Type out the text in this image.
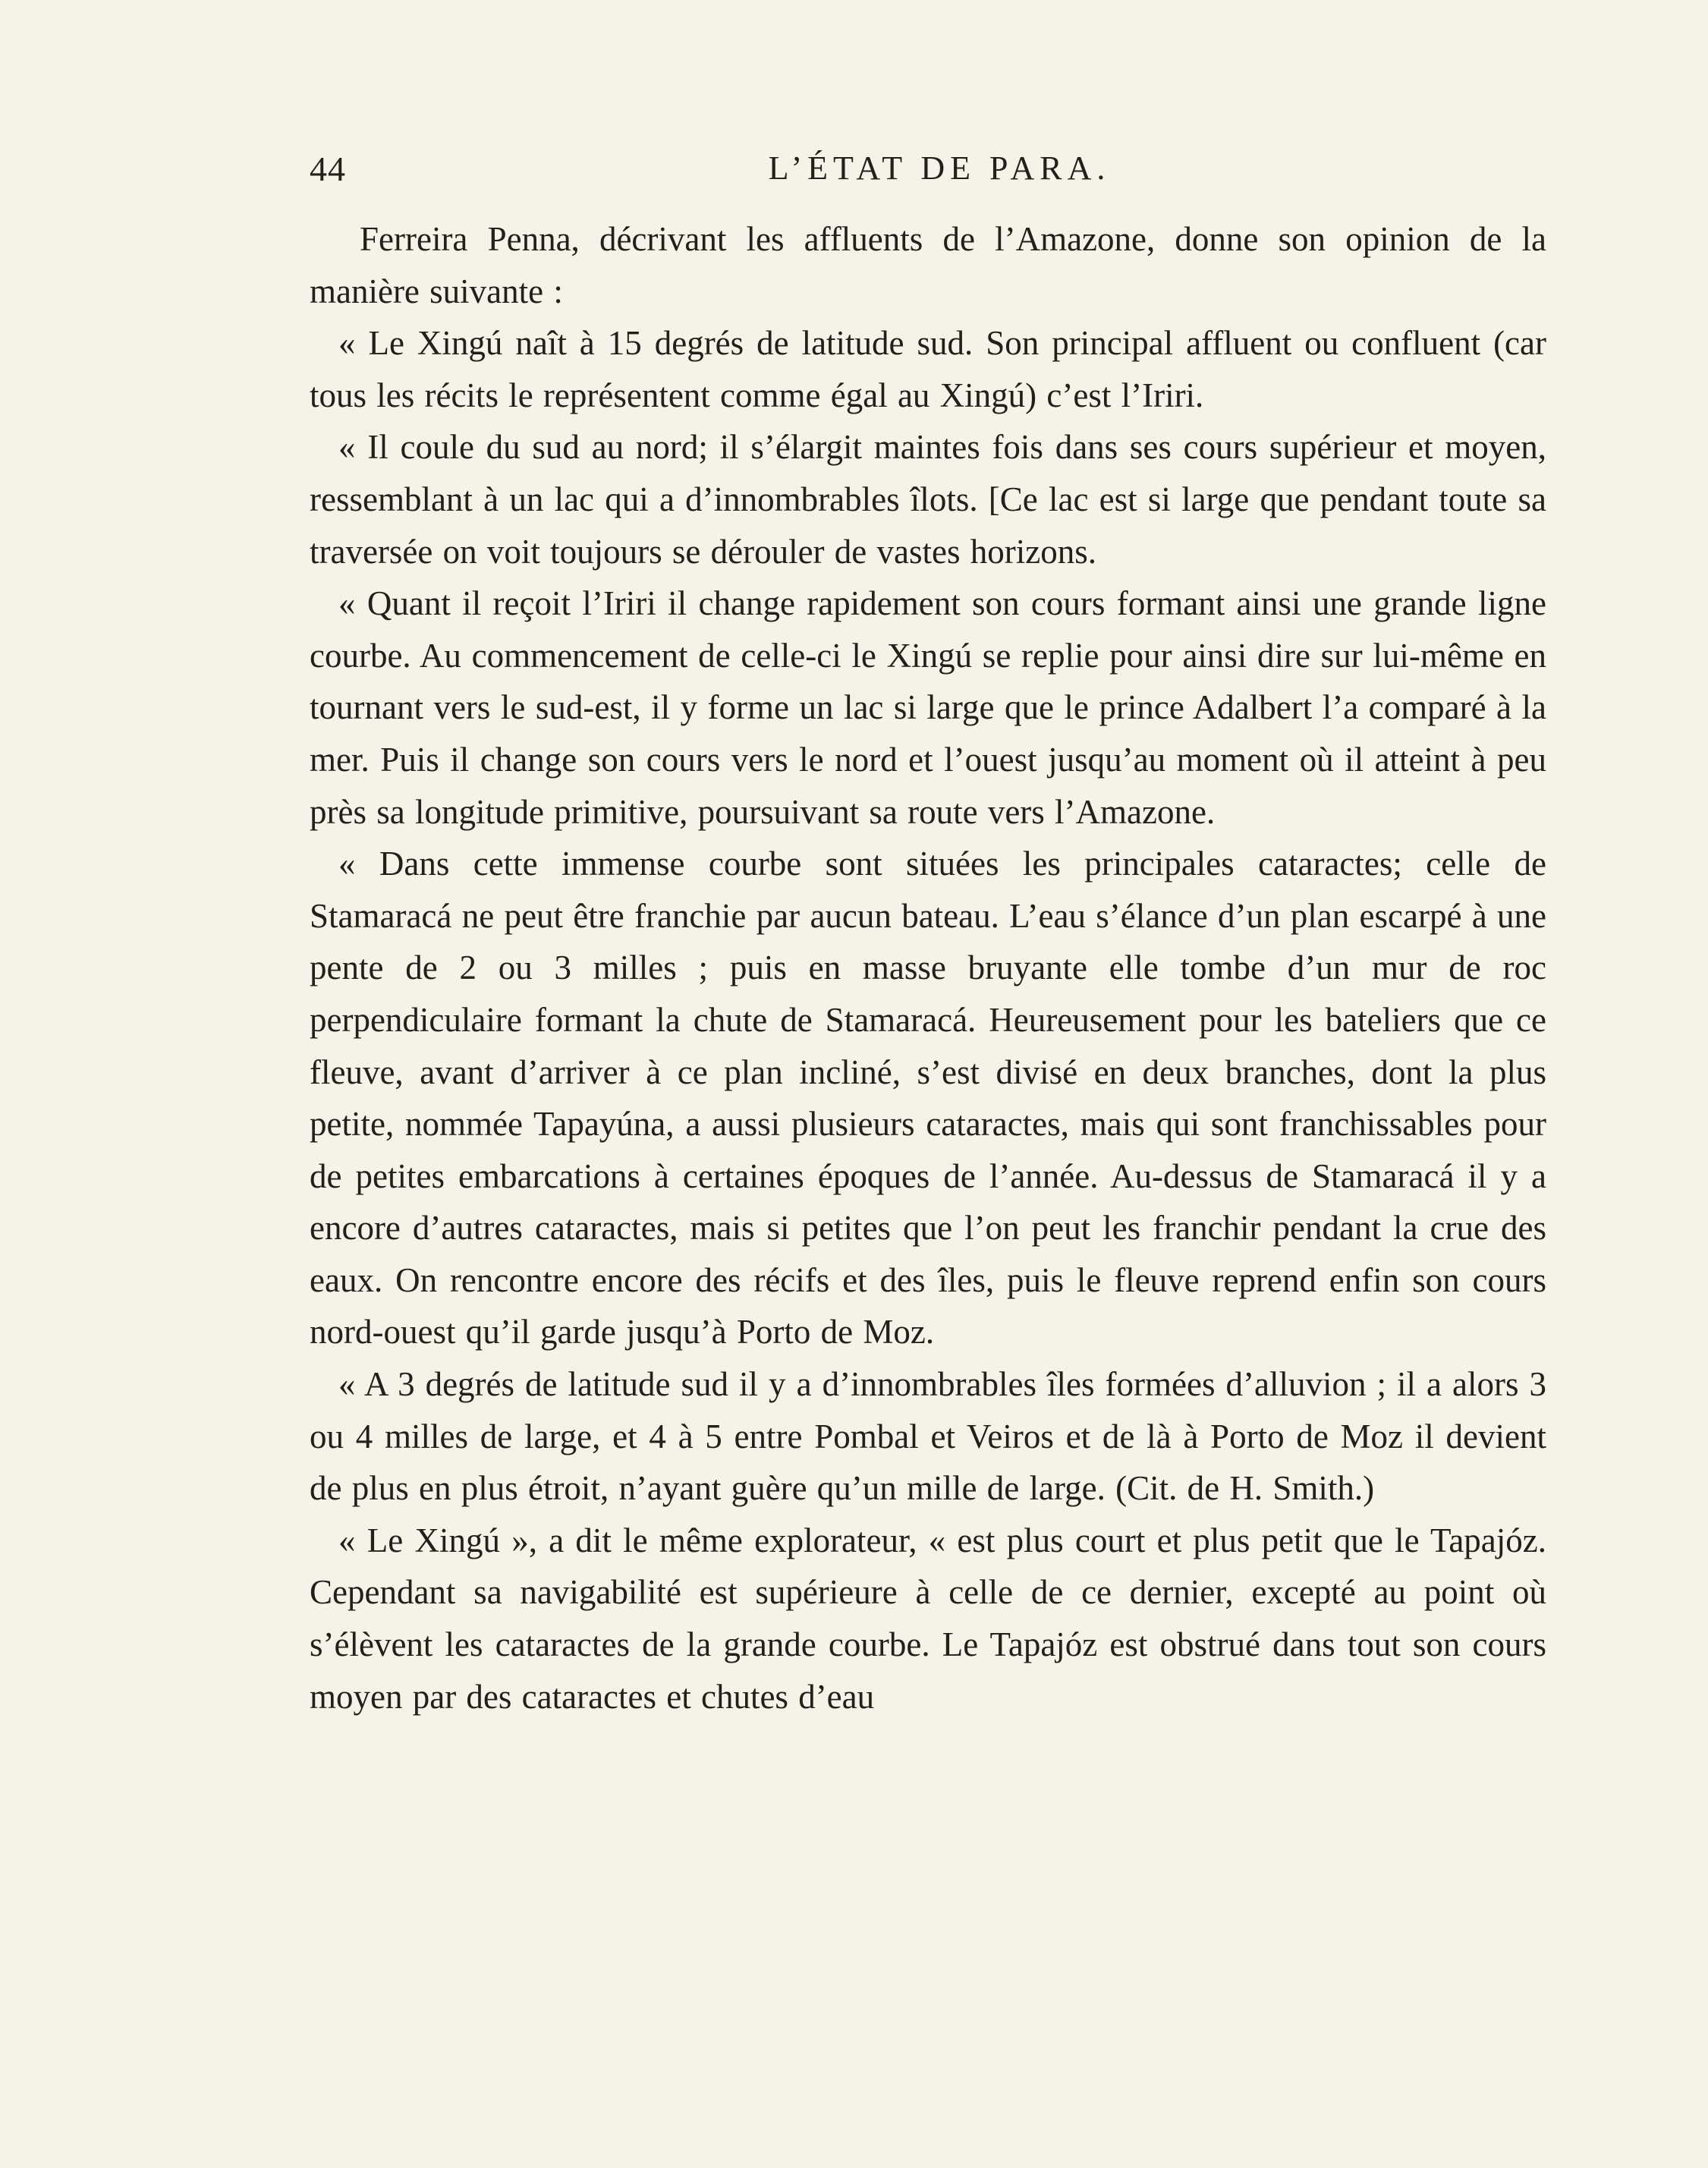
44	L’ÉTAT DE PARA.

Ferreira Penna, décrivant les affluents de l’Amazone, donne son opinion de la manière suivante :

« Le Xingú naît à 15 degrés de latitude sud. Son principal affluent ou confluent (car tous les récits le représentent comme égal au Xingú) c’est l’Iriri.

« Il coule du sud au nord; il s’élargit maintes fois dans ses cours supérieur et moyen, ressemblant à un lac qui a d’innombrables îlots. [Ce lac est si large que pendant toute sa traversée on voit toujours se dérouler de vastes horizons.

« Quant il reçoit l’Iriri il change rapidement son cours formant ainsi une grande ligne courbe. Au commencement de celle-ci le Xingú se replie pour ainsi dire sur lui-même en tournant vers le sud-est, il y forme un lac si large que le prince Adalbert l’a comparé à la mer. Puis il change son cours vers le nord et l’ouest jusqu’au moment où il atteint à peu près sa longitude primitive, poursuivant sa route vers l’Amazone.

« Dans cette immense courbe sont situées les principales cataractes; celle de Stamaracá ne peut être franchie par aucun bateau. L’eau s’élance d’un plan escarpé à une pente de 2 ou 3 milles ; puis en masse bruyante elle tombe d’un mur de roc perpendiculaire formant la chute de Stamaracá. Heureusement pour les bateliers que ce fleuve, avant d’arriver à ce plan incliné, s’est divisé en deux branches, dont la plus petite, nommée Tapayúna, a aussi plusieurs cataractes, mais qui sont franchissables pour de petites embarcations à certaines époques de l’année. Au-dessus de Stamaracá il y a encore d’autres cataractes, mais si petites que l’on peut les franchir pendant la crue des eaux. On rencontre encore des récifs et des îles, puis le fleuve reprend enfin son cours nord-ouest qu’il garde jusqu’à Porto de Moz.

« A 3 degrés de latitude sud il y a d’innombrables îles formées d’alluvion ; il a alors 3 ou 4 milles de large, et 4 à 5 entre Pombal et Veiros et de là à Porto de Moz il devient de plus en plus étroit, n’ayant guère qu’un mille de large. (Cit. de H. Smith.)

« Le Xingú », a dit le même explorateur, « est plus court et plus petit que le Tapajóz. Cependant sa navigabilité est supérieure à celle de ce dernier, excepté au point où s’élèvent les cataractes de la grande courbe. Le Tapajóz est obstrué dans tout son cours moyen par des cataractes et chutes d’eau
